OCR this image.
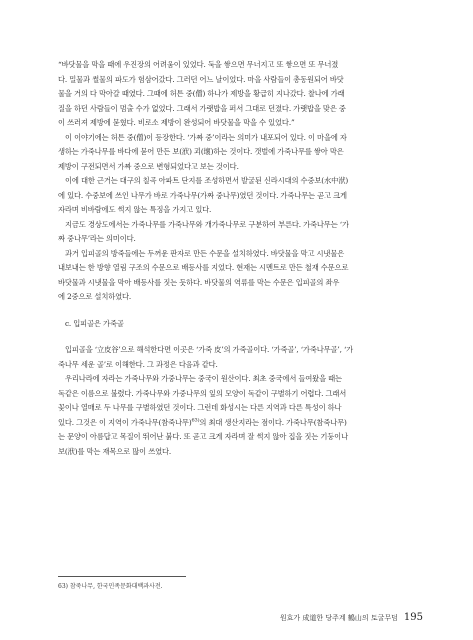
“바닷물을 막을 때에 우진장의 어려움이 있었다. 둑을 쌓으면 무너지고 또 쌓으면 또 무너졌
다. 밀물과 썰물의 파도가 험삼어갔다. 그러던 어느 날이었다. 마을 사람들이 총동원되어 바닷
물을 거의 다 막아갈 때였다. 그때에 허튼 중(僧) 하나가 제방을 황급히 지나갔다. 찰나에 가래
질을 하던 사람들이 멈출 수가 없었다. 그래서 가랫밥을 퍼서 그대로 던졌다. 가랫밥을 맞은 중
이 쓰러져 제방에 묻혔다. 비로소 제방이 완성되어 바닷물을 막을 수 있었다.”
이 이야기에는 허튼 중(僧)이 등장한다. ‘가짜 중’이라는 의미가 내포되어 있다. 이 마을에 자
생하는 가죽나무를 바다에 묻어 만든 보(洑) 괴(壞)하는 것이다. 갯벌에 가죽나무를 쌓아 막은
제방이 구전되면서 가짜 중으로 변형되었다고 보는 것이다.
이에 대한 근거는 대구의 칠곡 아파트 단지를 조성하면서 발굴된 신라시대의 수중보(水中洑)
에 있다. 수중보에 쓰인 나무가 바로 가죽나무(가짜 중나무)였던 것이다. 가죽나무는 곧고 크게
자라며 비바람에도 썩지 않는 특징을 가지고 있다.
지금도 경상도에서는 가죽나무를 가죽나무와 개가죽나무로 구분하여 부른다. 가죽나무는 ‘가
짜 중나무’라는 의미이다.
과거 입피골의 방죽들에는 두꺼운 판자로 만든 수문을 설치하였다. 바닷물을 막고 시냇물은
내보내는 한 방향 열림 구조의 수문으로 배등사를 지었다. 현재는 시멘트로 만든 철재 수문으로
바닷물과 시냇물을 막아 배등사를 짓는 듯하다. 바닷물의 역류를 막는 수문은 입피골의 좌우
에 2중으로 설치하였다.
c. 입피골은 가죽골
입피골을 ‘立皮谷’으로 해석한다면 이곳은 ‘가죽 皮’의 가죽골이다. ‘가죽골’, ‘가죽나무골’, ‘가
죽나무 세운 골’로 이해한다. 그 과정은 다음과 같다.
우리나라에 자라는 가죽나무와 가중나무는 중국이 원산이다. 최초 중국에서 들여왔을 때는
독같은 이름으로 불렸다. 가죽나무와 가중나무의 잎의 모양이 독같이 구별하기 어렵다. 그래서
꽃이나 열매로 두 나무를 구별하였던 것이다. 그런데 화성시는 다른 지역과 다른 특성이 하나
있다. 그것은 이 지역이 가죽나무(참죽나무)$^{63)}$의 최대 생산지라는 점이다. 가죽나무(참죽나무)
는 문양이 아름답고 목질이 뛰어난 붉다. 또 곧고 크게 자라며 잘 썩지 않아 집을 짓는 기둥이나
보(洑)를 막는 재목으로 많이 쓰였다.
63) 참죽나무, 한국민족문화대백과사전.
원효가 成道한 당주계 鶴山의 토굴무덤 195
